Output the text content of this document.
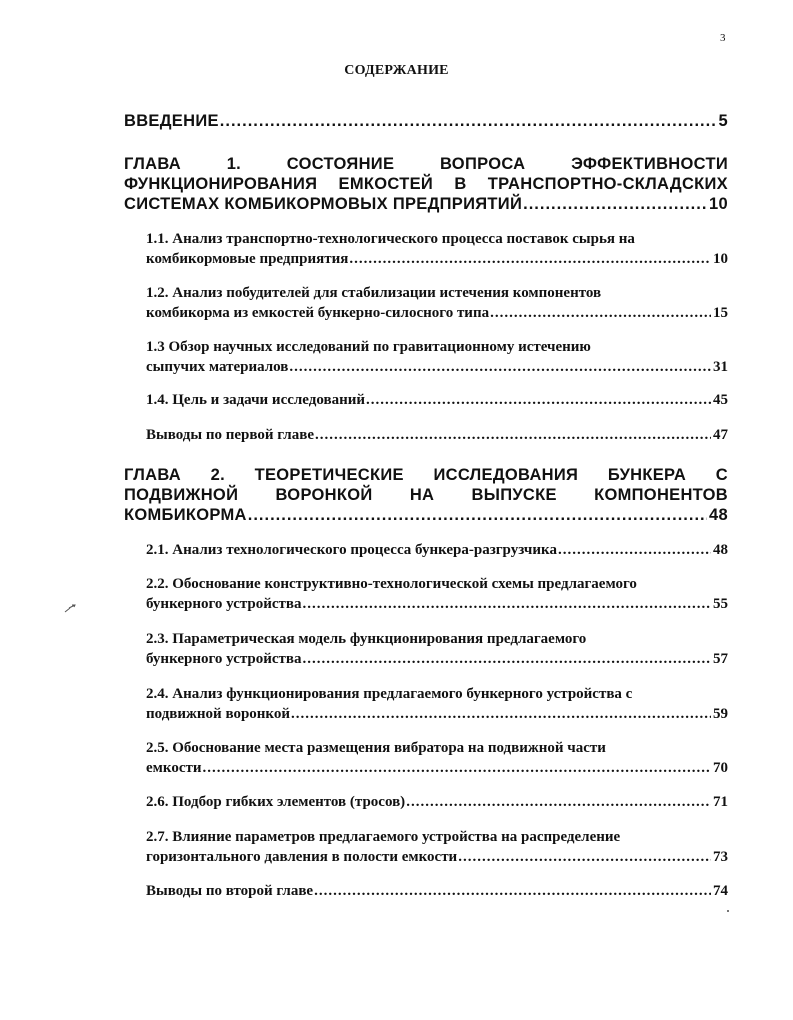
3
СОДЕРЖАНИЕ
ВВЕДЕНИЕ .....	5
ГЛАВА 1. СОСТОЯНИЕ ВОПРОСА ЭФФЕКТИВНОСТИ
ФУНКЦИОНИРОВАНИЯ ЕМКОСТЕЙ В ТРАНСПОРТНО-СКЛАДСКИХ
СИСТЕМАХ КОМБИКОРМОВЫХ ПРЕДПРИЯТИЙ .....	10
1.1. Анализ транспортно-технологического процесса поставок сырья на
комбикормовые предприятия .....	10
1.2. Анализ побудителей для стабилизации истечения компонентов
комбикорма из емкостей бункерно-силосного типа .....	15
1.3 Обзор научных исследований по гравитационному истечению
сыпучих материалов .....	31
1.4. Цель и задачи исследований .....	45
Выводы по первой главе .....	47
ГЛАВА 2. ТЕОРЕТИЧЕСКИЕ ИССЛЕДОВАНИЯ БУНКЕРА С
ПОДВИЖНОЙ ВОРОНКОЙ НА ВЫПУСКЕ КОМПОНЕНТОВ
КОМБИКОРМА .....	48
2.1. Анализ технологического процесса бункера-разгрузчика .....	48
2.2. Обоснование конструктивно-технологической схемы предлагаемого
бункерного устройства .....	55
2.3. Параметрическая модель функционирования предлагаемого
бункерного устройства .....	57
2.4. Анализ функционирования предлагаемого бункерного устройства с
подвижной воронкой .....	59
2.5. Обоснование места размещения вибратора на подвижной части
емкости .....	70
2.6. Подбор гибких элементов (тросов) .....	71
2.7. Влияние параметров предлагаемого устройства на распределение
горизонтального давления в полости емкости .....	73
Выводы по второй главе .....	74
